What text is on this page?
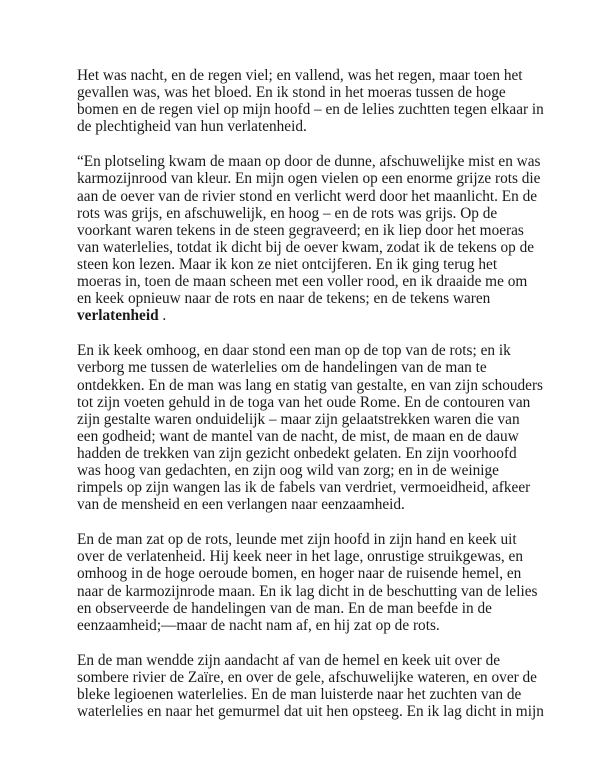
Het was nacht, en de regen viel; en vallend, was het regen, maar toen het
gevallen was, was het bloed. En ik stond in het moeras tussen de hoge
bomen en de regen viel op mijn hoofd – en de lelies zuchtten tegen elkaar in
de plechtigheid van hun verlatenheid.

“En plotseling kwam de maan op door de dunne, afschuwelijke mist en was
karmozijnrood van kleur. En mijn ogen vielen op een enorme grijze rots die
aan de oever van de rivier stond en verlicht werd door het maanlicht. En de
rots was grijs, en afschuwelijk, en hoog – en de rots was grijs. Op de
voorkant waren tekens in de steen gegraveerd; en ik liep door het moeras
van waterlelies, totdat ik dicht bij de oever kwam, zodat ik de tekens op de
steen kon lezen. Maar ik kon ze niet ontcijferen. En ik ging terug het
moeras in, toen de maan scheen met een voller rood, en ik draaide me om
en keek opnieuw naar de rots en naar de tekens; en de tekens waren
verlatenheid .

En ik keek omhoog, en daar stond een man op de top van de rots; en ik
verborg me tussen de waterlelies om de handelingen van de man te
ontdekken. En de man was lang en statig van gestalte, en van zijn schouders
tot zijn voeten gehuld in de toga van het oude Rome. En de contouren van
zijn gestalte waren onduidelijk – maar zijn gelaatstrekken waren die van
een godheid; want de mantel van de nacht, de mist, de maan en de dauw
hadden de trekken van zijn gezicht onbedekt gelaten. En zijn voorhoofd
was hoog van gedachten, en zijn oog wild van zorg; en in de weinige
rimpels op zijn wangen las ik de fabels van verdriet, vermoeidheid, afkeer
van de mensheid en een verlangen naar eenzaamheid.

En de man zat op de rots, leunde met zijn hoofd in zijn hand en keek uit
over de verlatenheid. Hij keek neer in het lage, onrustige struikgewas, en
omhoog in de hoge oeroude bomen, en hoger naar de ruisende hemel, en
naar de karmozijnrode maan. En ik lag dicht in de beschutting van de lelies
en observeerde de handelingen van de man. En de man beefde in de
eenzaamheid;—maar de nacht nam af, en hij zat op de rots.

En de man wendde zijn aandacht af van de hemel en keek uit over de
sombere rivier de Zaïre, en over de gele, afschuwelijke wateren, en over de
bleke legioenen waterlelies. En de man luisterde naar het zuchten van de
waterlelies en naar het gemurmel dat uit hen opsteeg. En ik lag dicht in mijn
